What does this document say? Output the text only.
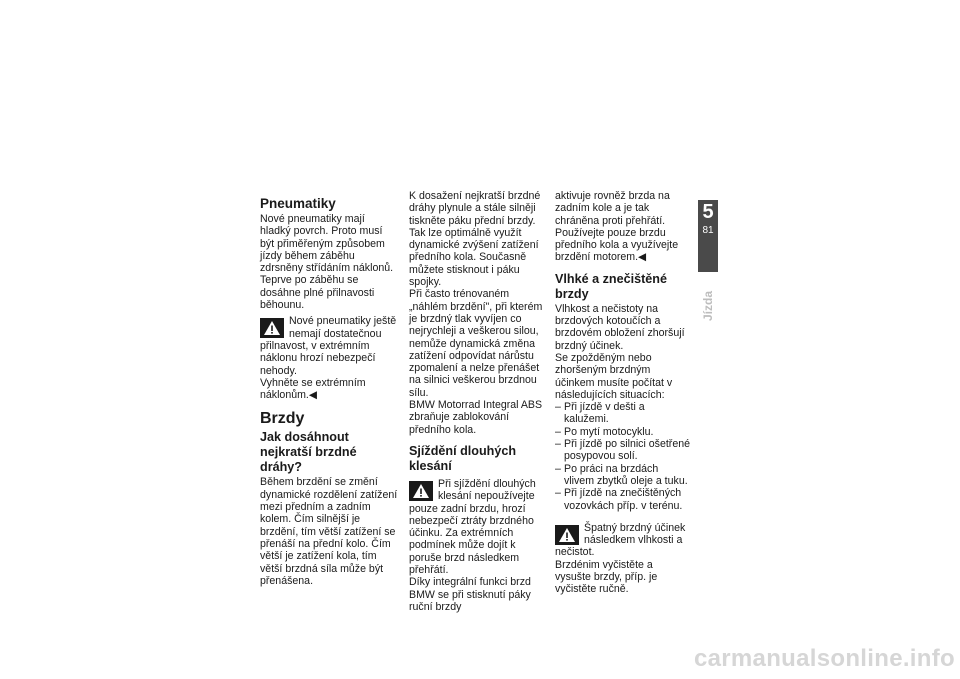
Pneumatiky

Nové pneumatiky mají hladký povrch. Proto musí být přiměřeným způsobem jízdy během záběhu zdrsněny střídáním náklonů. Teprve po záběhu se dosáhne plné přilnavosti běhounu.

Nové pneumatiky ještě nemají dostatečnou přilnavost, v extrémním náklonu hrozí nebezpečí nehody.

Vyhněte se extrémním náklonům.◀

Brzdy
Jak dosáhnout nejkratší brzdné dráhy?

Během brzdění se změní dynamické rozdělení zatížení mezi předním a zadním kolem. Čím silnější je brzdění, tím větší zatížení se přenáší na přední kolo. Čím větší je zatížení kola, tím větší brzdná síla může být přenášena.

K dosažení nejkratší brzdné dráhy plynule a stále silněji tiskněte páku přední brzdy. Tak lze optimálně využít dynamické zvýšení zatížení předního kola. Současně můžete stisknout i páku spojky.

Při často trénovaném „náhlém brzdění", při kterém je brzdný tlak vyvíjen co nejrychleji a veškerou silou, nemůže dynamická změna zatížení odpovídat nárůstu zpomalení a nelze přenášet na silnici veškerou brzdnou sílu.

BMW Motorrad Integral ABS zbraňuje zablokování předního kola.

Sjíždění dlouhých klesání

Při sjíždění dlouhých klesání nepoužívejte pouze zadní brzdu, hrozí nebezpečí ztráty brzdného účinku. Za extrémních podmínek může dojít k poruše brzd následkem přehřátí.

Díky integrální funkci brzd BMW se při stisknutí páky ruční brzdy

aktivuje rovněž brzda na zadním kole a je tak chráněna proti přehřátí. Používejte pouze brzdu předního kola a využívejte brzdění motorem.◀

Vlhké a znečištěné brzdy

Vlhkost a nečistoty na brzdových kotoučích a brzdovém obložení zhoršují brzdný účinek.

Se zpožděným nebo zhoršeným brzdným účinkem musíte počítat v následujících situacích:

– Při jízdě v dešti a kalužemi.
– Po mytí motocyklu.
– Při jízdě po silnici ošetřené posypovou solí.
– Po práci na brzdách vlivem zbytků oleje a tuku.
– Při jízdě na znečištěných vozovkách příp. v terénu.

Špatný brzdný účinek následkem vlhkosti a nečistot.

Brzdénim vyčistěte a vysušte brzdy, příp. je vyčistěte ručně.

5
81
Jízda
carmanualsonline.info
